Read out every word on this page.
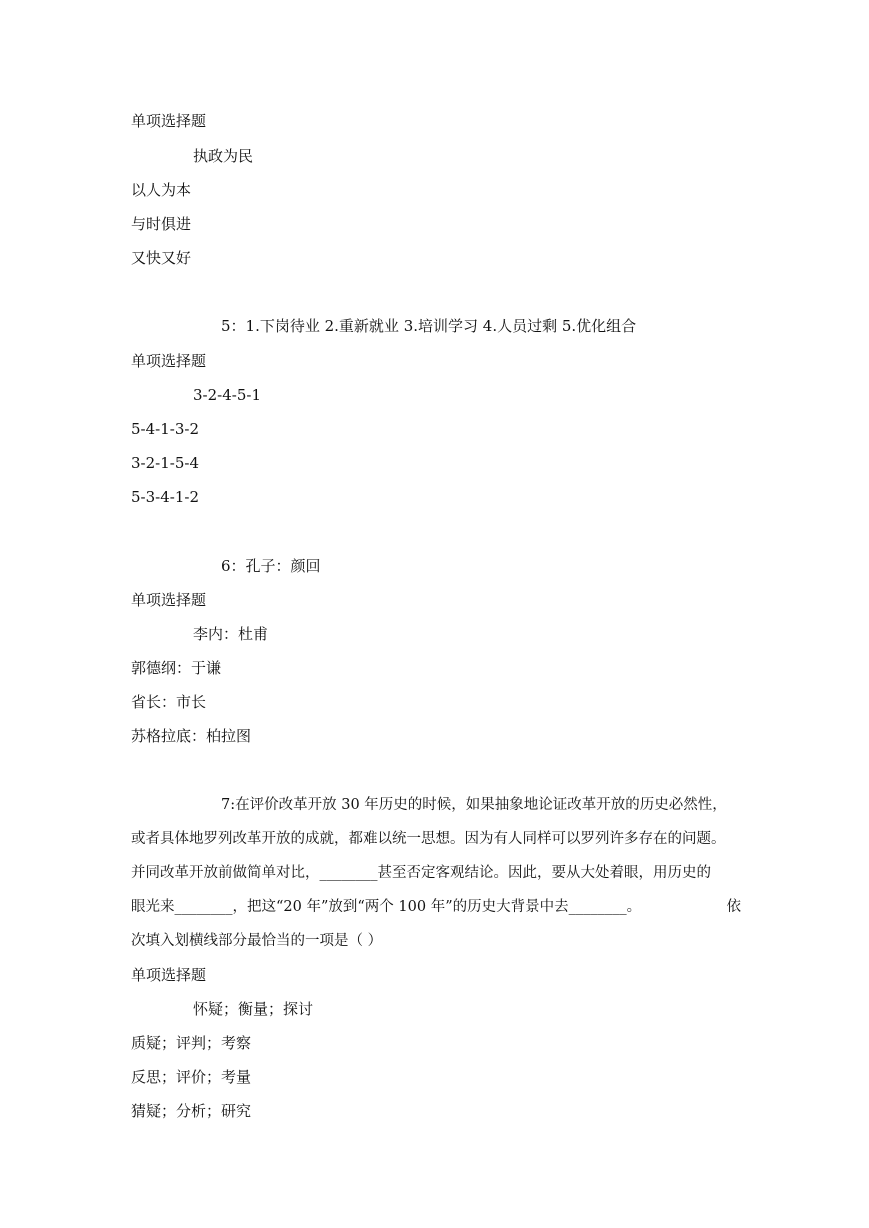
单项选择题

执政为民

以人为本

与时俱进

又快又好

5：1.下岗待业 2.重新就业 3.培训学习 4.人员过剩 5.优化组合

单项选择题

3-2-4-5-1

5-4-1-3-2

3-2-1-5-4

5-3-4-1-2

6：孔子：颜回

单项选择题

李内：杜甫

郭德纲：于谦

省长：市长

苏格拉底：柏拉图

7:在评价改革开放 30 年历史的时候，如果抽象地论证改革开放的历史必然性，

或者具体地罗列改革开放的成就，都难以统一思想。因为有人同样可以罗列许多存在的问题。

并同改革开放前做简单对比，________甚至否定客观结论。因此，要从大处着眼，用历史的

眼光来________，把这“20 年”放到“两个 100 年”的历史大背景中去________。	依

次填入划横线部分最恰当的一项是（ ）

单项选择题

怀疑；衡量；探讨

质疑；评判；考察

反思；评价；考量

猜疑；分析；研究
